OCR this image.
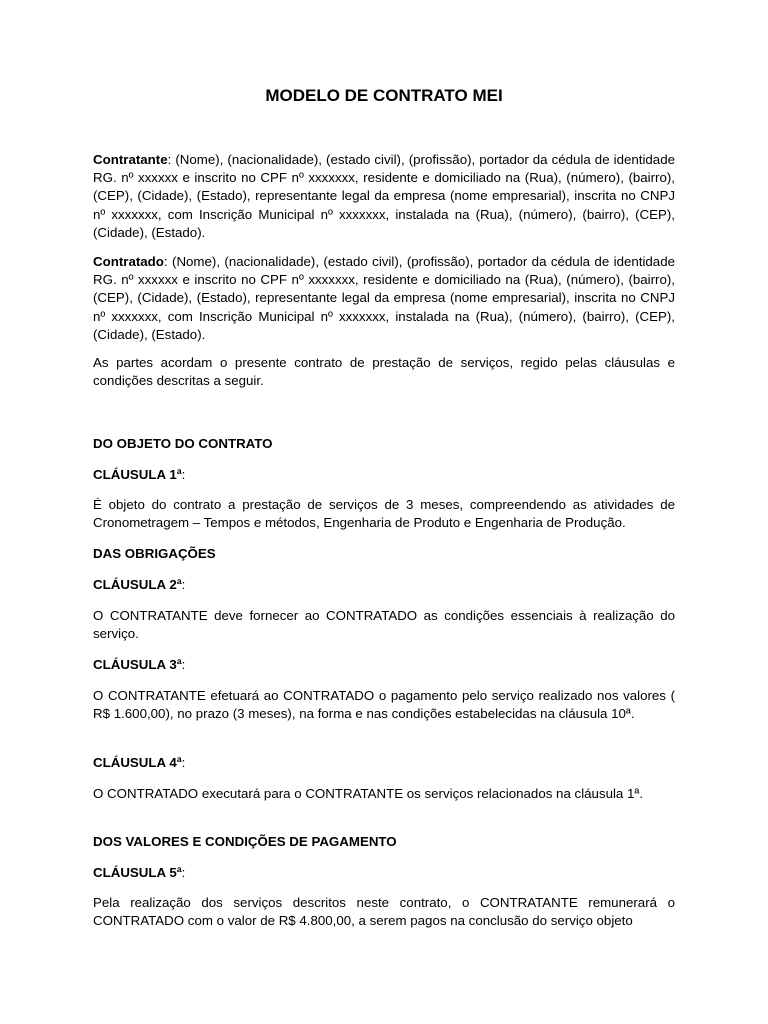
MODELO DE CONTRATO MEI
Contratante: (Nome), (nacionalidade), (estado civil), (profissão), portador da cédula de identidade RG. nº xxxxxx e inscrito no CPF nº xxxxxxx, residente e domiciliado na (Rua), (número), (bairro), (CEP), (Cidade), (Estado), representante legal da empresa (nome empresarial), inscrita no CNPJ nº xxxxxxx, com Inscrição Municipal nº xxxxxxx, instalada na (Rua), (número), (bairro), (CEP), (Cidade), (Estado).
Contratado: (Nome), (nacionalidade), (estado civil), (profissão), portador da cédula de identidade RG. nº xxxxxx e inscrito no CPF nº xxxxxxx, residente e domiciliado na (Rua), (número), (bairro), (CEP), (Cidade), (Estado), representante legal da empresa (nome empresarial), inscrita no CNPJ nº xxxxxxx, com Inscrição Municipal nº xxxxxxx, instalada na (Rua), (número), (bairro), (CEP), (Cidade), (Estado).
As partes acordam o presente contrato de prestação de serviços, regido pelas cláusulas e condições descritas a seguir.
DO OBJETO DO CONTRATO
CLÁUSULA 1ª:
É objeto do contrato a prestação de serviços de 3 meses, compreendendo as atividades de Cronometragem – Tempos e métodos, Engenharia de Produto e Engenharia de Produção.
DAS OBRIGAÇÕES
CLÁUSULA 2ª:
O CONTRATANTE deve fornecer ao CONTRATADO as condições essenciais à realização do serviço.
CLÁUSULA 3ª:
O CONTRATANTE efetuará ao CONTRATADO o pagamento pelo serviço realizado nos valores ( R$ 1.600,00), no prazo (3 meses), na forma e nas condições estabelecidas na cláusula 10ª.
CLÁUSULA 4ª:
O CONTRATADO executará para o CONTRATANTE os serviços relacionados na cláusula 1ª.
DOS VALORES E CONDIÇÕES DE PAGAMENTO
CLÁUSULA 5ª:
Pela realização dos serviços descritos neste contrato, o CONTRATANTE remunerará o CONTRATADO com o valor de R$ 4.800,00, a serem pagos na conclusão do serviço objeto
